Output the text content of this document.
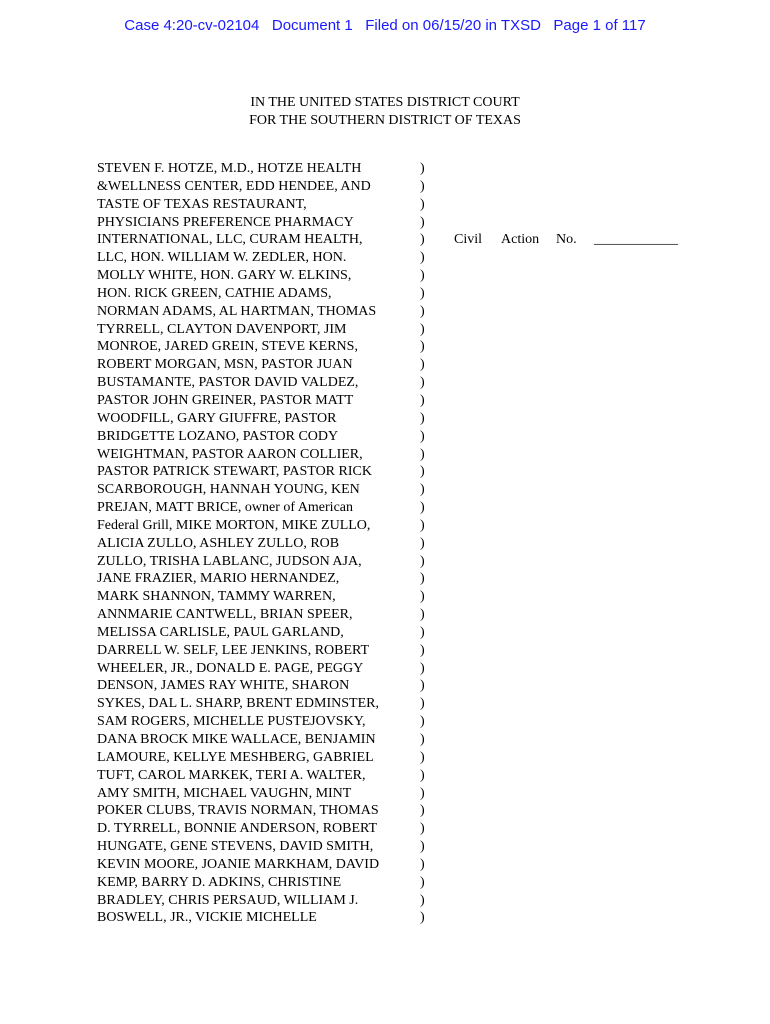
Case 4:20-cv-02104   Document 1   Filed on 06/15/20 in TXSD   Page 1 of 117
IN THE UNITED STATES DISTRICT COURT
FOR THE SOUTHERN DISTRICT OF TEXAS
STEVEN F. HOTZE, M.D., HOTZE HEALTH
&WELLNESS CENTER, EDD HENDEE, AND
TASTE OF TEXAS RESTAURANT,
PHYSICIANS PREFERENCE PHARMACY
INTERNATIONAL, LLC, CURAM HEALTH,
LLC, HON. WILLIAM W. ZEDLER, HON.
MOLLY WHITE, HON. GARY W. ELKINS,
HON. RICK GREEN, CATHIE ADAMS,
NORMAN ADAMS, AL HARTMAN, THOMAS
TYRRELL, CLAYTON DAVENPORT, JIM
MONROE, JARED GREIN, STEVE KERNS,
ROBERT MORGAN, MSN, PASTOR JUAN
BUSTAMANTE, PASTOR DAVID VALDEZ,
PASTOR JOHN GREINER, PASTOR MATT
WOODFILL, GARY GIUFFRE, PASTOR
BRIDGETTE LOZANO, PASTOR CODY
WEIGHTMAN, PASTOR AARON COLLIER,
PASTOR PATRICK STEWART, PASTOR RICK
SCARBOROUGH, HANNAH YOUNG, KEN
PREJAN, MATT BRICE, owner of American
Federal Grill, MIKE MORTON, MIKE ZULLO,
ALICIA ZULLO, ASHLEY ZULLO, ROB
ZULLO, TRISHA LABLANC, JUDSON AJA,
JANE FRAZIER, MARIO HERNANDEZ,
MARK SHANNON, TAMMY WARREN,
ANNMARIE CANTWELL, BRIAN SPEER,
MELISSA CARLISLE, PAUL GARLAND,
DARRELL W. SELF, LEE JENKINS, ROBERT
WHEELER, JR., DONALD E. PAGE, PEGGY
DENSON, JAMES RAY WHITE, SHARON
SYKES, DAL L. SHARP, BRENT EDMINSTER,
SAM ROGERS, MICHELLE PUSTEJOVSKY,
DANA BROCK MIKE WALLACE, BENJAMIN
LAMOURE, KELLYE MESHBERG, GABRIEL
TUFT, CAROL MARKEK, TERI A. WALTER,
AMY SMITH, MICHAEL VAUGHN, MINT
POKER CLUBS, TRAVIS NORMAN, THOMAS
D. TYRRELL, BONNIE ANDERSON, ROBERT
HUNGATE, GENE STEVENS, DAVID SMITH,
KEVIN MOORE, JOANIE MARKHAM, DAVID
KEMP, BARRY D. ADKINS, CHRISTINE
BRADLEY, CHRIS PERSAUD, WILLIAM J.
BOSWELL, JR., VICKIE MICHELLE
)
)
)
)
)
)
)
)
)
)
)
)
)
)
)
)
)
)
)
)
)
)
)
)
)
)
)
)
)
)
)
)
)
)
)
)
)
)
)
)
)
)
)
Civil Action No. ____________
